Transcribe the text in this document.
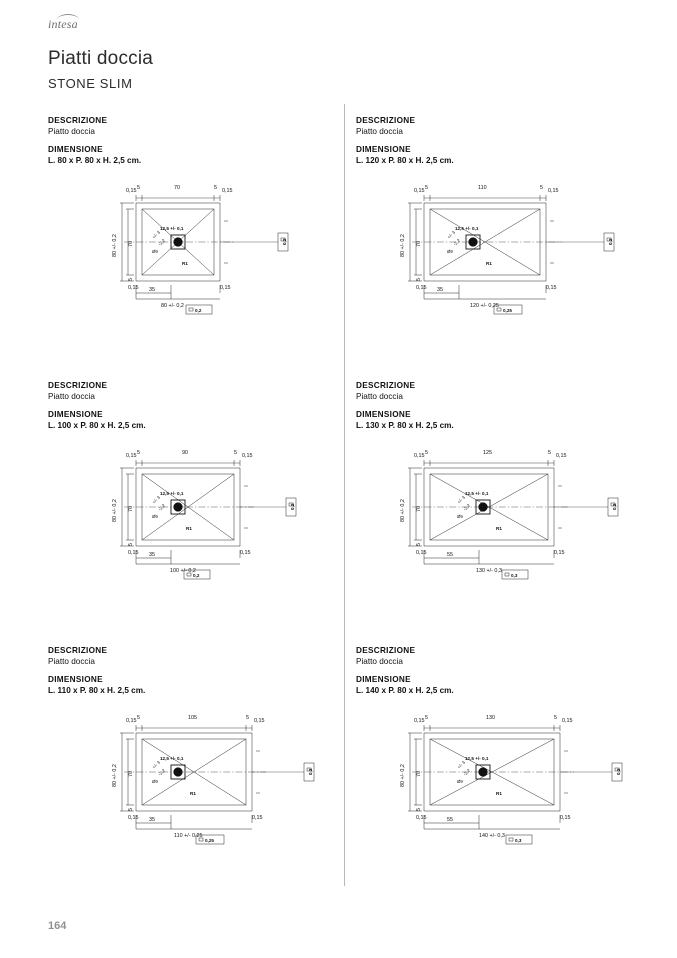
intesa
Piatti doccia
STONE SLIM
164
DESCRIZIONE
Piatto doccia
DIMENSIONE
L. 80 x P. 80 x H. 2,5 cm.
0,15 5	70	5 0,15
80 +/- 0,2 70
5
0,15	0,15
35
80 +/- 0,2
12,5 +/- 0,1
+/- 3
-2,2
Ø9
R1
0,2
0,2
DESCRIZIONE
Piatto doccia
DIMENSIONE
L. 120 x P. 80 x H. 2,5 cm.
0,15 5	110	5 0,15
80 +/- 0,2 70
5
0,15	0,15
35
120 +/- 0,25
12,5 +/- 0,1
+/- 3
-2,2
Ø9
R1
0,2
0,25
DESCRIZIONE
Piatto doccia
DIMENSIONE
L. 100 x P. 80 x H. 2,5 cm.
0,15 5	90	5 0,15
80 +/- 0,2 70
5
0,15	0,15
35
100 +/- 0,2
12,5 +/- 0,1
+/- 3
-2,2
Ø9
R1
0,2
0,2
DESCRIZIONE
Piatto doccia
DIMENSIONE
L. 130 x P. 80 x H. 2,5 cm.
0,15 5	125	5 0,15
80 +/- 0,2 70
5
0,15	0,15
55
130 +/- 0,3
12,5 +/- 0,1
+/- 3
-2,2
Ø9
R1
0,2
0,3
DESCRIZIONE
Piatto doccia
DIMENSIONE
L. 110 x P. 80 x H. 2,5 cm.
0,15 5	105	5 0,15
80 +/- 0,2 70
5
0,15	0,15
35
110 +/- 0,25
12,5 +/- 0,1
+/- 3
-2,2
Ø9
R1
0,2
0,25
DESCRIZIONE
Piatto doccia
DIMENSIONE
L. 140 x P. 80 x H. 2,5 cm.
0,15 5	130	5 0,15
80 +/- 0,2 70
5
0,15	0,15
55
140 +/- 0,3
12,5 +/- 0,1
+/- 3
-2,2
Ø9
R1
0,2
0,3
